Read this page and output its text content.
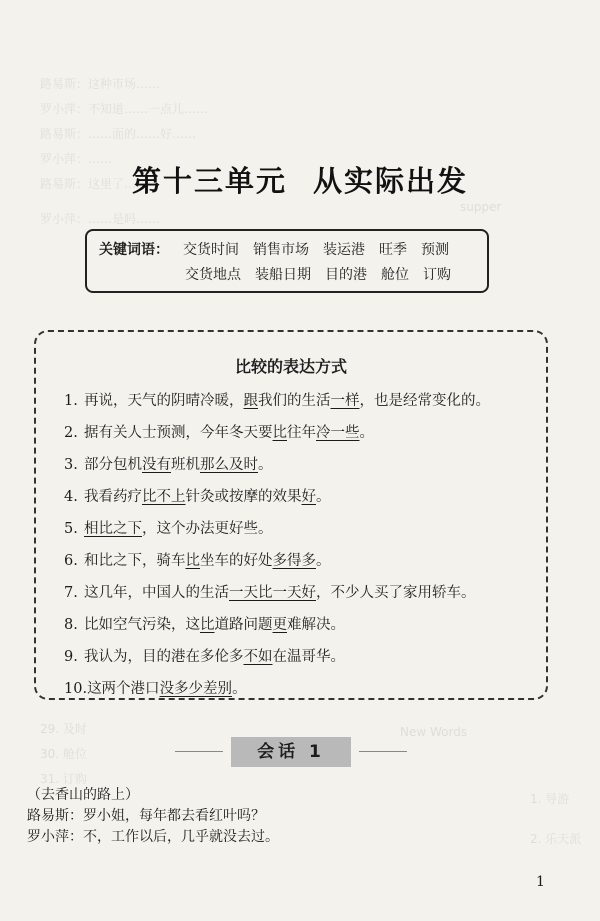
路易斯：这种市场……
罗小萍：不知道……一点儿……
路易斯：……面的……好……
罗小萍：……
路易斯：这里了……
罗小萍：……是吗……
supper
New Words
29. 及时
30. 舱位
31. 订购
1. 导游
2. 乐天派
第十三单元 从实际出发
关键词语： 交货时间 销售市场 装运港 旺季 预测
交货地点 装船日期 目的港 舱位 订购
比较的表达方式
1. 再说，天气的阴晴冷暖，跟我们的生活一样，也是经常变化的。
2. 据有关人士预测，今年冬天要比往年冷一些。
3. 部分包机没有班机那么及时。
4. 我看药疗比不上针灸或按摩的效果好。
5. 相比之下，这个办法更好些。
6. 和比之下，骑车比坐车的好处多得多。
7. 这几年，中国人的生活一天比一天好，不少人买了家用轿车。
8. 比如空气污染，这比道路问题更难解决。
9. 我认为，目的港在多伦多不如在温哥华。
10.这两个港口没多少差别。
会话 1
（去香山的路上）
路易斯：罗小姐，每年都去看红叶吗？
罗小萍：不，工作以后，几乎就没去过。
1
